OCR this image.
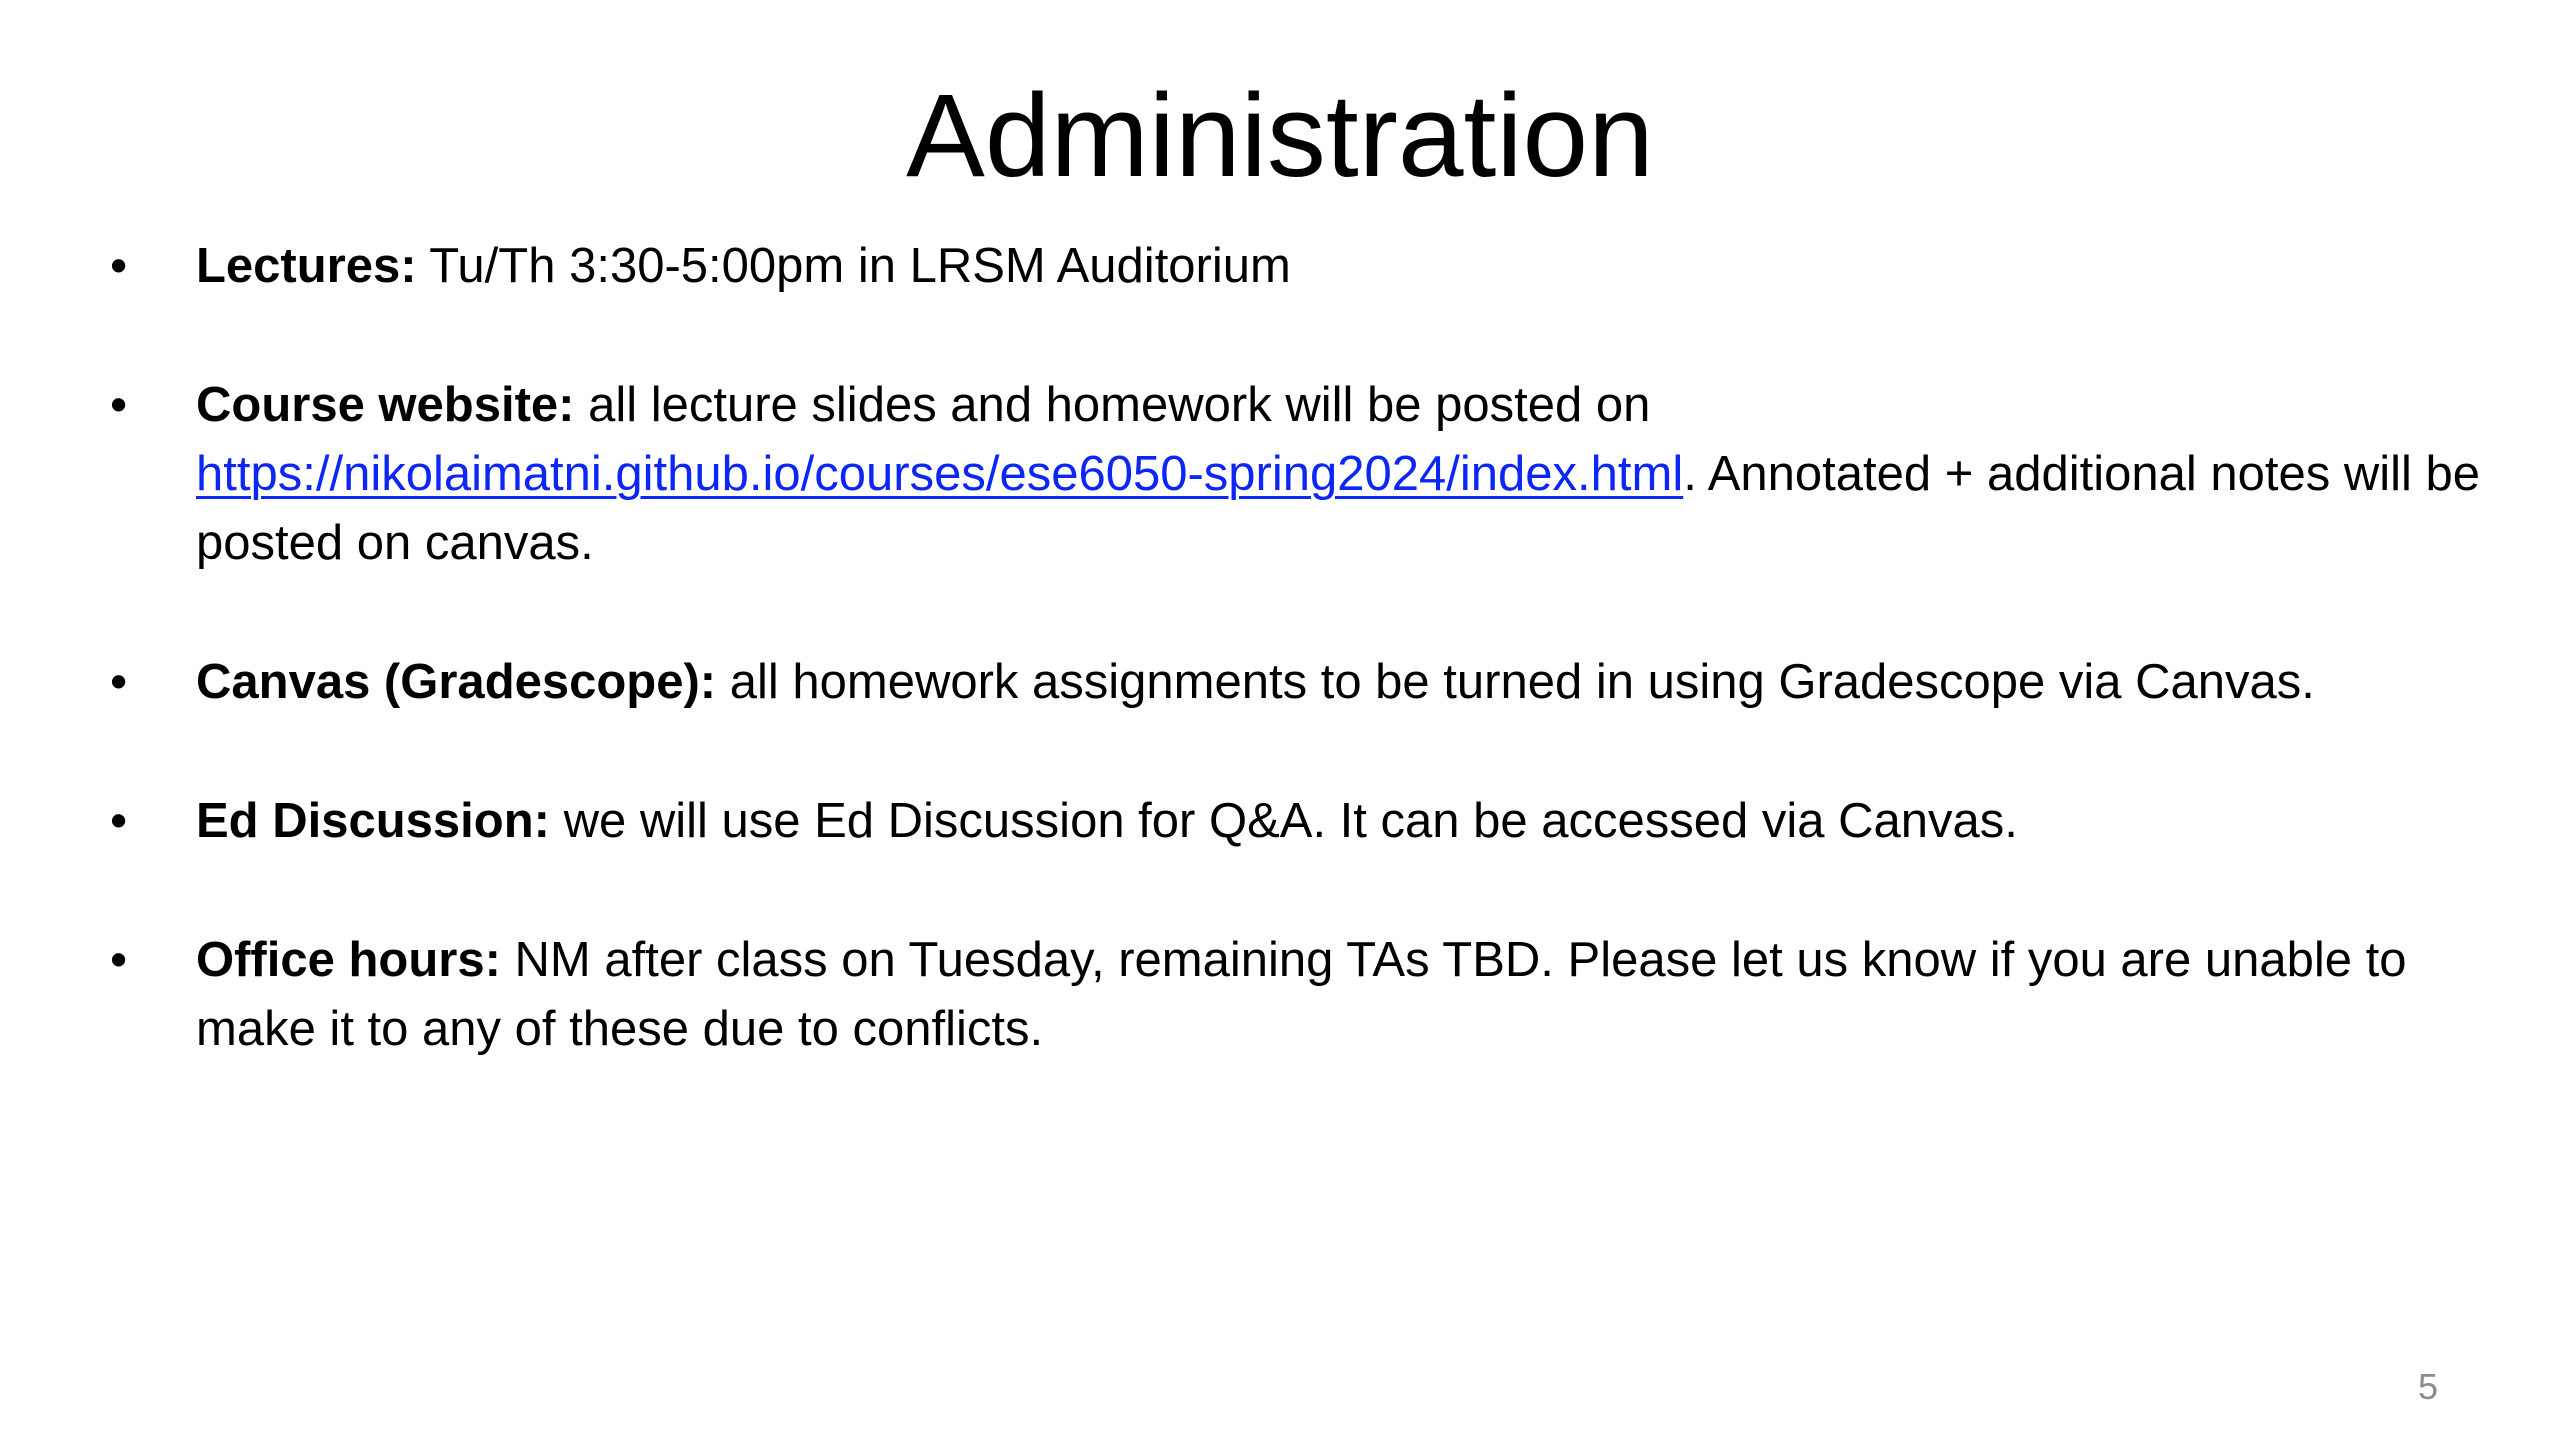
Administration
• Lectures: Tu/Th 3:30-5:00pm in LRSM Auditorium
• Course website: all lecture slides and homework will be posted on
https://nikolaimatni.github.io/courses/ese6050-spring2024/index.html. Annotated + additional notes will be posted on canvas.
• Canvas (Gradescope): all homework assignments to be turned in using Gradescope via Canvas.
• Ed Discussion: we will use Ed Discussion for Q&A. It can be accessed via Canvas.
• Office hours: NM after class on Tuesday, remaining TAs TBD. Please let us know if you are unable to make it to any of these due to conflicts.
5
